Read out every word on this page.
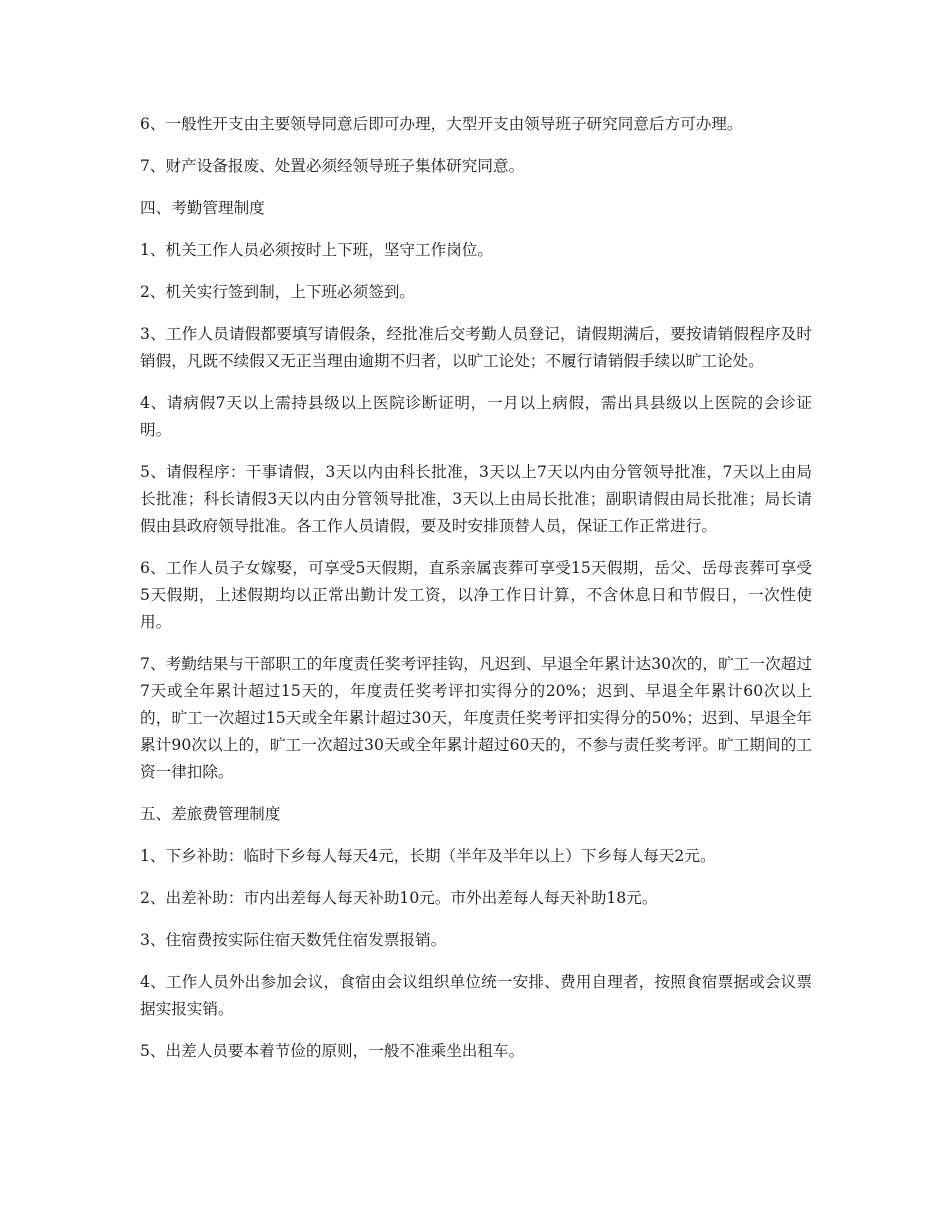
6、一般性开支由主要领导同意后即可办理，大型开支由领导班子研究同意后方可办理。

7、财产设备报废、处置必须经领导班子集体研究同意。

四、考勤管理制度

1、机关工作人员必须按时上下班，坚守工作岗位。

2、机关实行签到制，上下班必须签到。

3、工作人员请假都要填写请假条，经批准后交考勤人员登记，请假期满后，要按请销假程序及时销假，凡既不续假又无正当理由逾期不归者，以旷工论处；不履行请销假手续以旷工论处。

4、请病假7天以上需持县级以上医院诊断证明，一月以上病假，需出具县级以上医院的会诊证明。

5、请假程序：干事请假，3天以内由科长批准，3天以上7天以内由分管领导批准，7天以上由局长批准；科长请假3天以内由分管领导批准，3天以上由局长批准；副职请假由局长批准；局长请假由县政府领导批准。各工作人员请假，要及时安排顶替人员，保证工作正常进行。

6、工作人员子女嫁娶，可享受5天假期，直系亲属丧葬可享受15天假期，岳父、岳母丧葬可享受5天假期，上述假期均以正常出勤计发工资，以净工作日计算，不含休息日和节假日，一次性使用。

7、考勤结果与干部职工的年度责任奖考评挂钩，凡迟到、早退全年累计达30次的，旷工一次超过7天或全年累计超过15天的，年度责任奖考评扣实得分的20%；迟到、早退全年累计60次以上的，旷工一次超过15天或全年累计超过30天，年度责任奖考评扣实得分的50%；迟到、早退全年累计90次以上的，旷工一次超过30天或全年累计超过60天的，不参与责任奖考评。旷工期间的工资一律扣除。

五、差旅费管理制度

1、下乡补助：临时下乡每人每天4元，长期（半年及半年以上）下乡每人每天2元。

2、出差补助：市内出差每人每天补助10元。市外出差每人每天补助18元。

3、住宿费按实际住宿天数凭住宿发票报销。

4、工作人员外出参加会议，食宿由会议组织单位统一安排、费用自理者，按照食宿票据或会议票据实报实销。

5、出差人员要本着节俭的原则，一般不准乘坐出租车。
